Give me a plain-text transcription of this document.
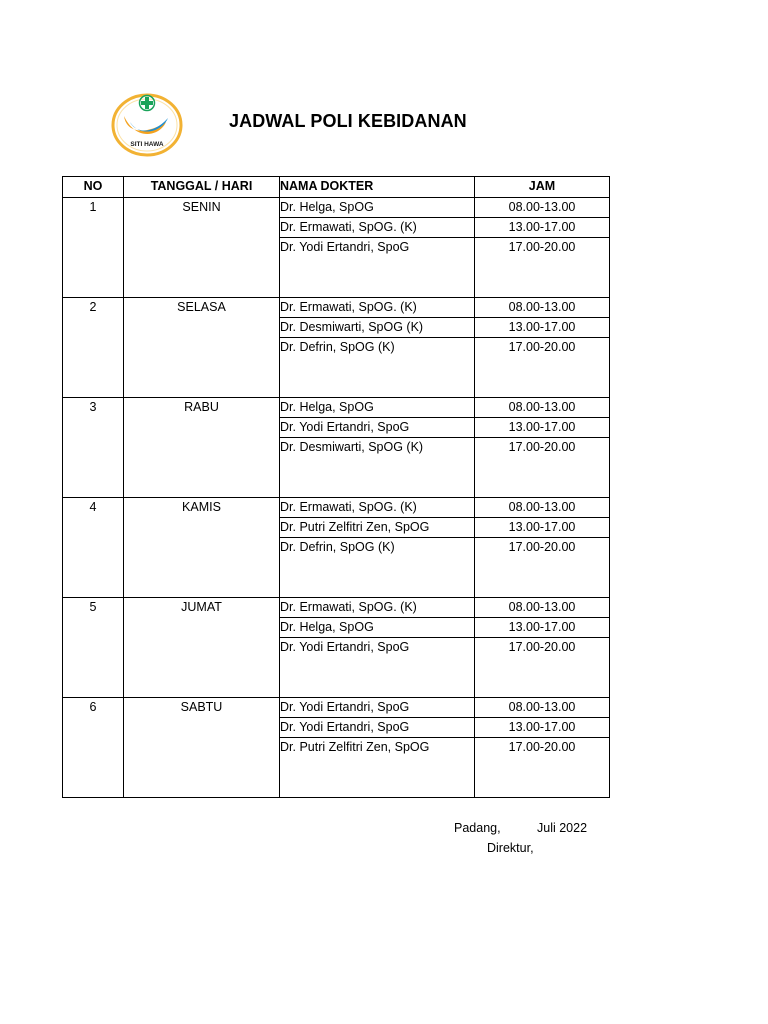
SITI HAWA
JADWAL POLI KEBIDANAN
NO	TANGGAL / HARI	NAMA DOKTER	JAM
1	SENIN	Dr. Helga, SpOG	08.00-13.00
		Dr. Ermawati, SpOG. (K)	13.00-17.00
		Dr. Yodi Ertandri, SpoG	17.00-20.00
2	SELASA	Dr. Ermawati, SpOG. (K)	08.00-13.00
		Dr. Desmiwarti, SpOG (K)	13.00-17.00
		Dr. Defrin, SpOG (K)	17.00-20.00
3	RABU	Dr. Helga, SpOG	08.00-13.00
		Dr. Yodi Ertandri, SpoG	13.00-17.00
		Dr. Desmiwarti, SpOG (K)	17.00-20.00
4	KAMIS	Dr. Ermawati, SpOG. (K)	08.00-13.00
		Dr. Putri Zelfitri Zen, SpOG	13.00-17.00
		Dr. Defrin, SpOG (K)	17.00-20.00
5	JUMAT	Dr. Ermawati, SpOG. (K)	08.00-13.00
		Dr. Helga, SpOG	13.00-17.00
		Dr. Yodi Ertandri, SpoG	17.00-20.00
6	SABTU	Dr. Yodi Ertandri, SpoG	08.00-13.00
		Dr. Yodi Ertandri, SpoG	13.00-17.00
		Dr. Putri Zelfitri Zen, SpOG	17.00-20.00
Padang,	Juli 2022
Direktur,
